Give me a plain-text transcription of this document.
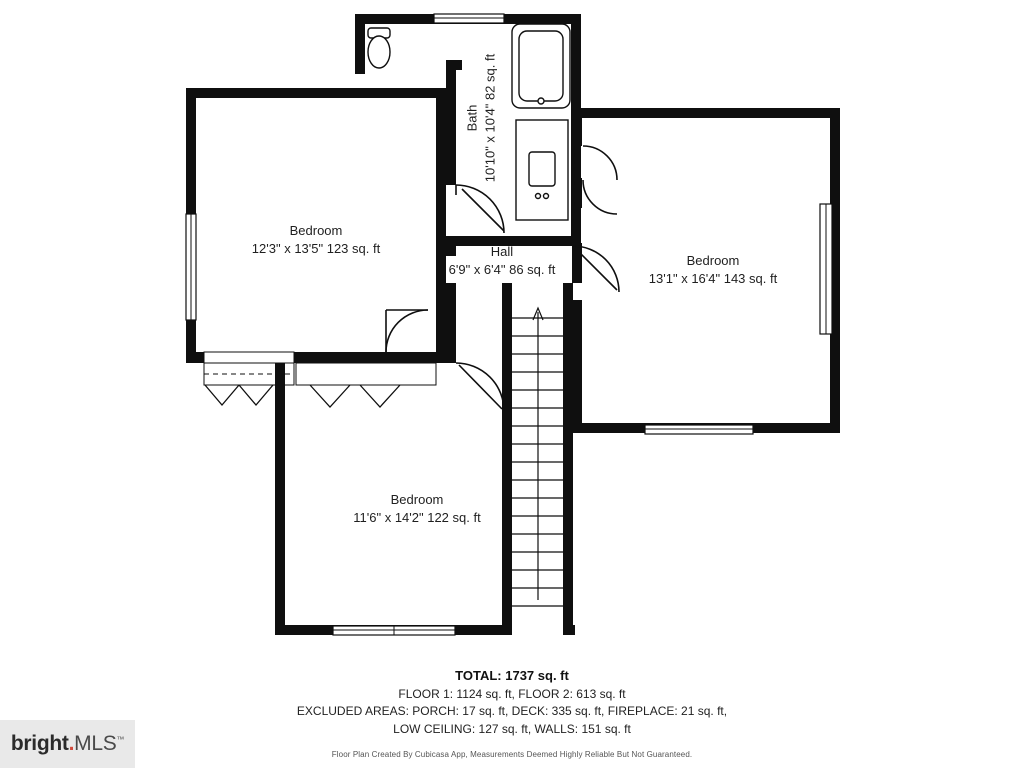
Bedroom
12'3" x 13'5" 123 sq. ft
Bath 10'10" x 10'4" 82 sq. ft
Hall
6'9" x 6'4" 86 sq. ft
Bedroom
13'1" x 16'4" 143 sq. ft
Bedroom
11'6" x 14'2" 122 sq. ft
TOTAL: 1737 sq. ft
FLOOR 1: 1124 sq. ft, FLOOR 2: 613 sq. ft
EXCLUDED AREAS: PORCH: 17 sq. ft, DECK: 335 sq. ft, FIREPLACE: 21 sq. ft,
LOW CEILING: 127 sq. ft, WALLS: 151 sq. ft
Floor Plan Created By Cubicasa App, Measurements Deemed Highly Reliable But Not Guaranteed.
bright.MLS™
